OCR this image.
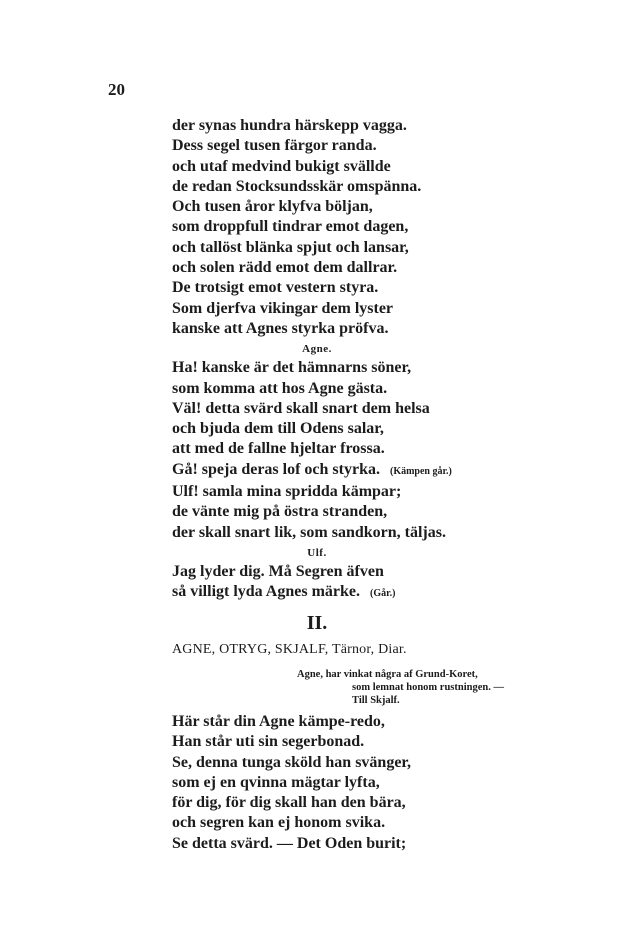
20
der synas hundra härskepp vagga.
Dess segel tusen färgor randa.
och utaf medvind bukigt svällde
de redan Stocksundsskär omspänna.
Och tusen åror klyfva böljan,
som droppfull tindrar emot dagen,
och tallöst blänka spjut och lansar,
och solen rädd emot dem dallrar.
De trotsigt emot vestern styra.
Som djerfva vikingar dem lyster
kanske att Agnes styrka pröfva.
Agne.
Ha! kanske är det hämnarns söner,
som komma att hos Agne gästa.
Väl! detta svärd skall snart dem helsa
och bjuda dem till Odens salar,
att med de fallne hjeltar frossa.
Gå! speja deras lof och styrka. (Kämpen går.)
Ulf! samla mina spridda kämpar;
de vänte mig på östra stranden,
der skall snart lik, som sandkorn, täljas.
Ulf.
Jag lyder dig. Må Segren äfven
så villigt lyda Agnes märke. (Går.)
II.
AGNE, OTRYG, SKJALF, Tärnor, Diar.
Agne, har vinkat några af Grund-Koret,
som lemnat honom rustningen. —
Till Skjalf.
Här står din Agne kämpe-redo,
Han står uti sin segerbonad.
Se, denna tunga sköld han svänger,
som ej en qvinna mägtar lyfta,
för dig, för dig skall han den bära,
och segren kan ej honom svika.
Se detta svärd. — Det Oden burit;
